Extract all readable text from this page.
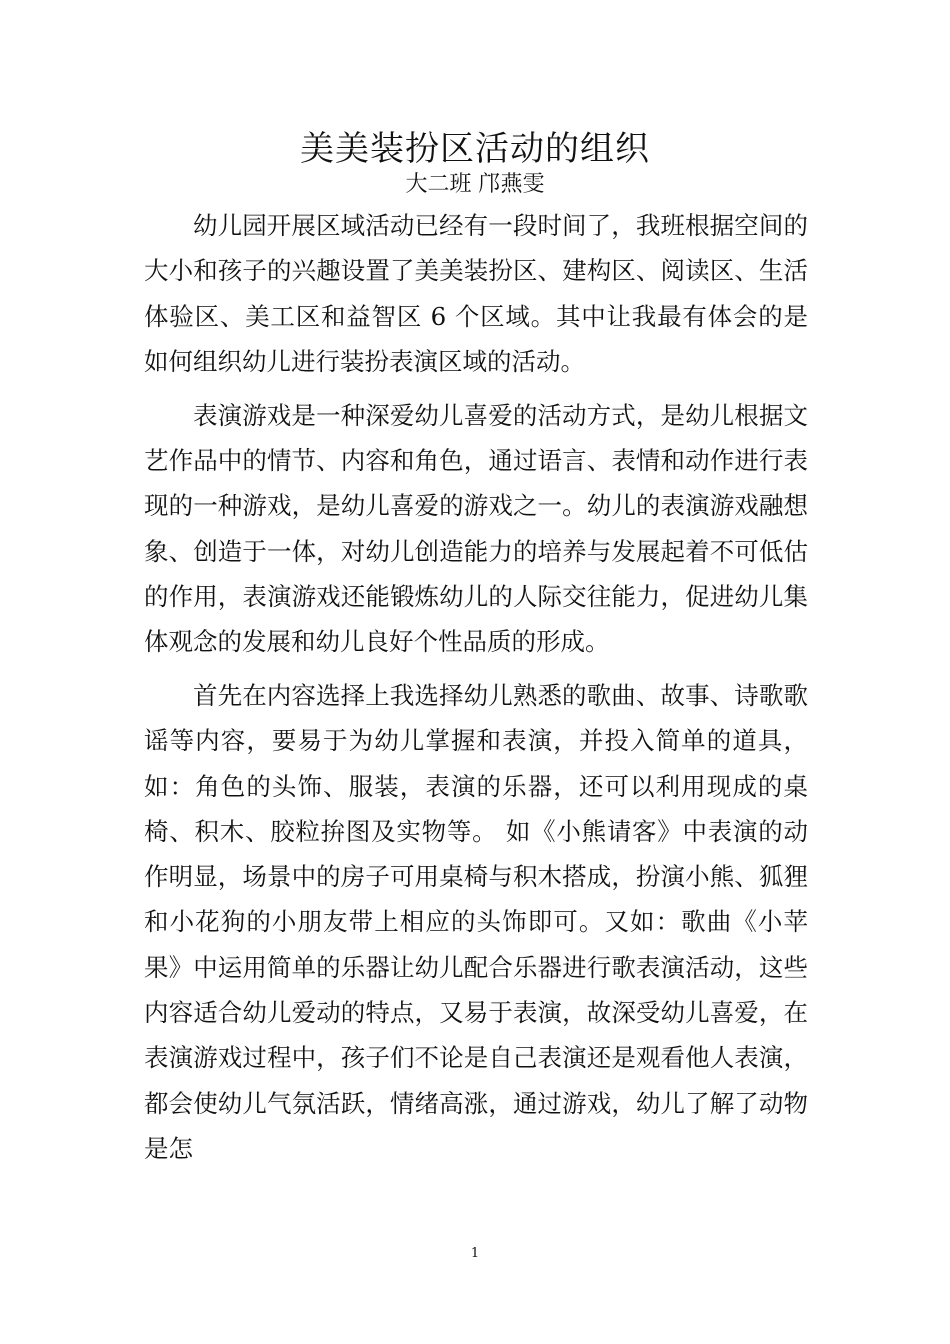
美美装扮区活动的组织
大二班 邝燕雯

幼儿园开展区域活动已经有一段时间了，我班根据空间的大小和孩子的兴趣设置了美美装扮区、建构区、阅读区、生活体验区、美工区和益智区 6 个区域。其中让我最有体会的是如何组织幼儿进行装扮表演区域的活动。

表演游戏是一种深爱幼儿喜爱的活动方式，是幼儿根据文艺作品中的情节、内容和角色，通过语言、表情和动作进行表现的一种游戏，是幼儿喜爱的游戏之一。幼儿的表演游戏融想象、创造于一体，对幼儿创造能力的培养与发展起着不可低估的作用，表演游戏还能锻炼幼儿的人际交往能力，促进幼儿集体观念的发展和幼儿良好个性品质的形成。

首先在内容选择上我选择幼儿熟悉的歌曲、故事、诗歌歌谣等内容，要易于为幼儿掌握和表演，并投入简单的道具，如：角色的头饰、服装，表演的乐器，还可以利用现成的桌椅、积木、胶粒拚图及实物等。 如《小熊请客》中表演的动作明显，场景中的房子可用桌椅与积木搭成，扮演小熊、狐狸和小花狗的小朋友带上相应的头饰即可。又如：歌曲《小苹果》中运用简单的乐器让幼儿配合乐器进行歌表演活动，这些内容适合幼儿爱动的特点，又易于表演，故深受幼儿喜爱，在表演游戏过程中，孩子们不论是自己表演还是观看他人表演，都会使幼儿气氛活跃，情绪高涨，通过游戏，幼儿了解了动物是怎

1
